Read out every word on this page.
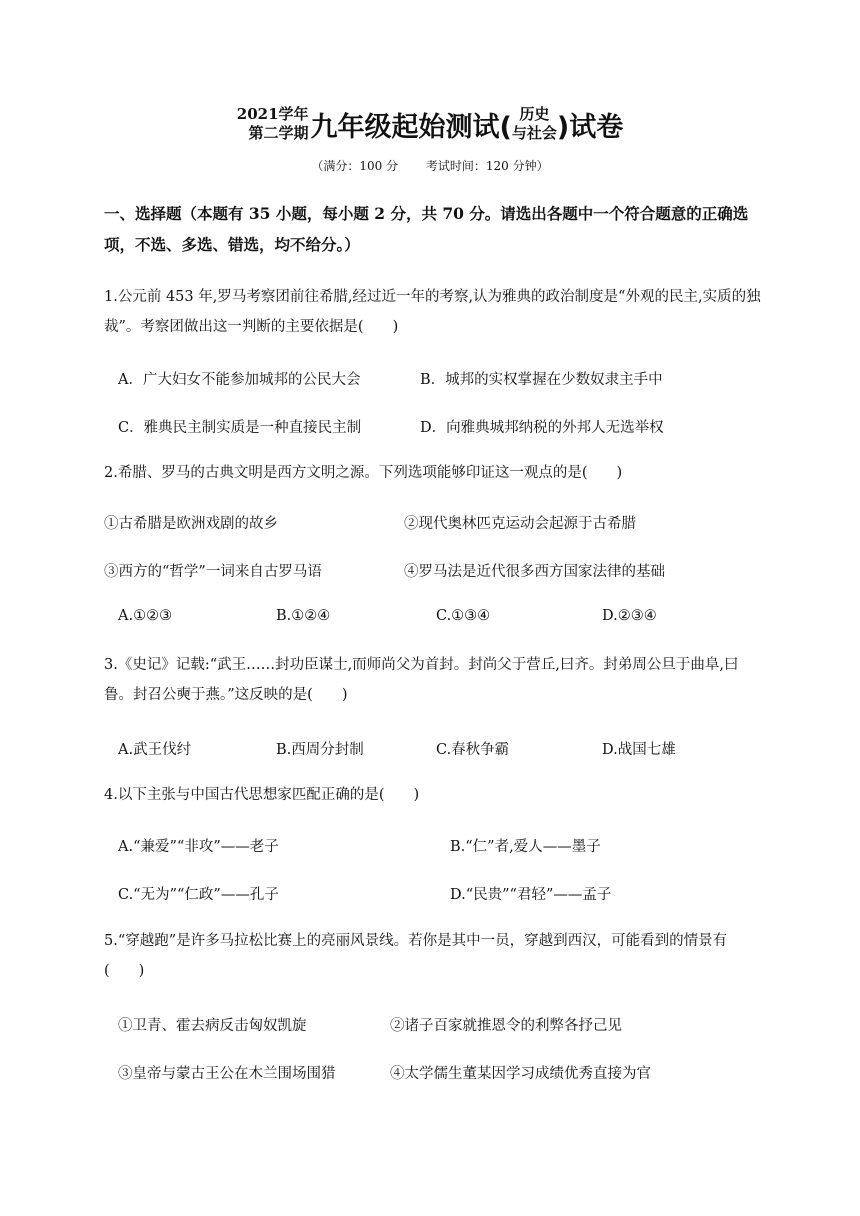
2021学年
第二学期 九年级起始测试( 历史
与社会 )试卷
（满分：100 分 考试时间：120 分钟）
一、选择题（本题有 35 小题，每小题 2 分，共 70 分。请选出各题中一个符合题意的正确选项，不选、多选、错选，均不给分。）
1.公元前 453 年,罗马考察团前往希腊,经过近一年的考察,认为雅典的政治制度是“外观的民主,实质的独裁”。考察团做出这一判断的主要依据是(　　)
A．广大妇女不能参加城邦的公民大会	B．城邦的实权掌握在少数奴隶主手中
C．雅典民主制实质是一种直接民主制	D．向雅典城邦纳税的外邦人无选举权
2.希腊、罗马的古典文明是西方文明之源。下列选项能够印证这一观点的是(　　)
①古希腊是欧洲戏剧的故乡	②现代奥林匹克运动会起源于古希腊
③西方的“哲学”一词来自古罗马语	④罗马法是近代很多西方国家法律的基础
A.①②③	B.①②④	C.①③④	D.②③④
3.《史记》记载:“武王……封功臣谋士,而师尚父为首封。封尚父于营丘,曰齐。封弟周公旦于曲阜,曰鲁。封召公奭于燕。”这反映的是(　　)
A.武王伐纣	B.西周分封制	C.春秋争霸	D.战国七雄
4.以下主张与中国古代思想家匹配正确的是(　　)
A.“兼爱”“非攻”——老子	B.“仁”者,爱人——墨子
C.“无为”“仁政”——孔子	D.“民贵”“君轻”——孟子
5.“穿越跑”是许多马拉松比赛上的亮丽风景线。若你是其中一员，穿越到西汉，可能看到的情景有(　　)
①卫青、霍去病反击匈奴凯旋	②诸子百家就推恩令的利弊各抒己见
③皇帝与蒙古王公在木兰围场围猎	④太学儒生董某因学习成绩优秀直接为官
